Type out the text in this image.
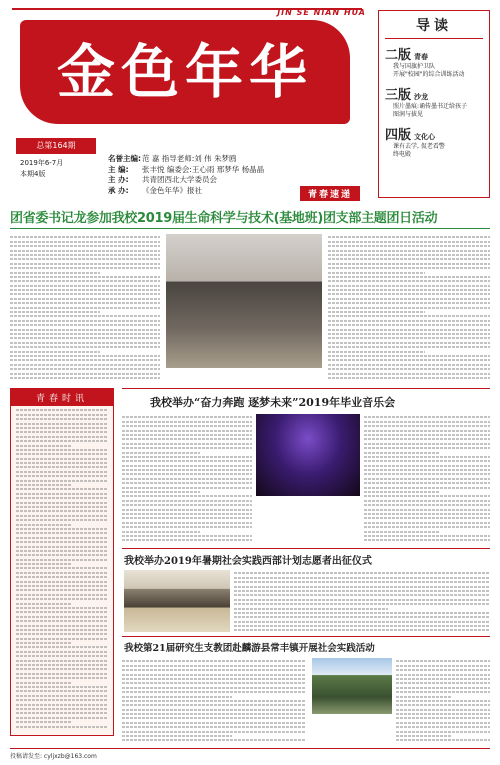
金色年华
JIN SE NIAN HUA
总第164期
2019年6-7月
本期4版
名誉主编:范 嘉 指导老师:刘 伟 朱梦鸥
主 编: 张丰悦 编委会:王心雨 邢梦华 杨晶晶
主 办: 共青团西北大学委员会
承 办: 《金色年华》报社	青春速递
导读
二版 青春
我与国旗护卫队
开展"校园"的综合训练活动
三版 沙龙
照片墨痕:诵传墨书迁给孩子
图润与拔见
四版 文化心
课有去学, 侃老看警
终电殿
团省委书记龙参加我校2019届生命科学与技术(基地班)团支部主题团日活动
青春时讯	我校举办“奋力奔跑 逐梦未来”2019年毕业音乐会
我校举办2019年暑期社会实践西部计划志愿者出征仪式
我校第21届研究生支教团赴麟游县常丰镇开展社会实践活动
投稿请发至: cyljxzb@163.com
